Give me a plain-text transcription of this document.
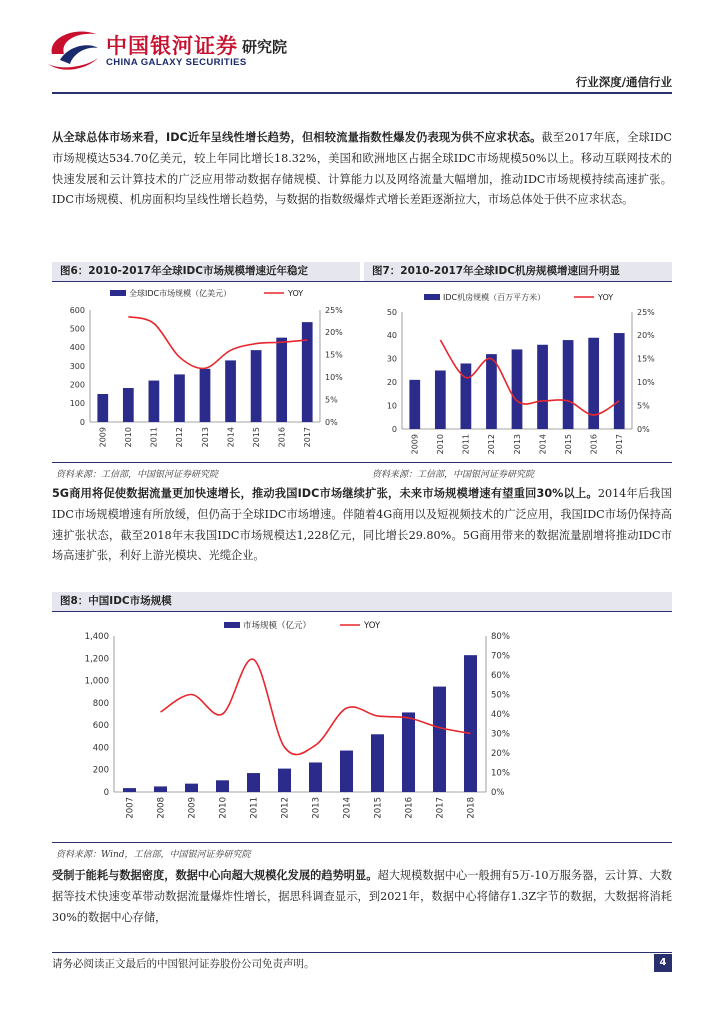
中国银河证券 研究院
CHINA GALAXY SECURITIES
行业深度/通信行业
从全球总体市场来看，IDC近年呈线性增长趋势，但相较流量指数性爆发仍表现为供不应求状态。截至2017年底，全球IDC市场规模达534.70亿美元，较上年同比增长18.32%，美国和欧洲地区占据全球IDC市场规模50%以上。移动互联网技术的快速发展和云计算技术的广泛应用带动数据存储规模、计算能力以及网络流量大幅增加，推动IDC市场规模持续高速扩张。IDC市场规模、机房面积均呈线性增长趋势，与数据的指数级爆炸式增长差距逐渐拉大，市场总体处于供不应求状态。
图6：2010-2017年全球IDC市场规模增速近年稳定	图7：2010-2017年全球IDC机房规模增速回升明显
0
100
200
300
400
500
600
0%
5%
10%
15%
20%
25%
2009 2010 2011 2012 2013 2014 2015 2016 2017
全球IDC市场规模（亿美元）	YOY
0
10
20
30
40
50
0%
5%
10%
15%
20%
25%
2009 2010 2011 2012 2013 2014 2015 2016 2017
IDC机房规模（百万平方米）	YOY
资料来源：工信部，中国银河证券研究院	资料来源：工信部，中国银河证券研究院
5G商用将促使数据流量更加快速增长，推动我国IDC市场继续扩张，未来市场规模增速有望重回30%以上。2014年后我国IDC市场规模增速有所放缓，但仍高于全球IDC市场增速。伴随着4G商用以及短视频技术的广泛应用，我国IDC市场仍保持高速扩张状态，截至2018年末我国IDC市场规模达1,228亿元，同比增长29.80%。5G商用带来的数据流量剧增将推动IDC市场高速扩张，利好上游光模块、光缆企业。
图8：中国IDC市场规模
0
200
400
600
800
1,000
1,200
1,400
0%
10%
20%
30%
40%
50%
60%
70%
80%
2007 2008 2009 2010 2011 2012 2013 2014 2015 2016 2017 2018
市场规模（亿元）	YOY
资料来源：Wind，工信部，中国银河证券研究院
受制于能耗与数据密度，数据中心向超大规模化发展的趋势明显。超大规模数据中心一般拥有5万-10万服务器，云计算、大数据等技术快速变革带动数据流量爆炸性增长，据思科调查显示，到2021年，数据中心将储存1.3Z字节的数据，大数据将消耗30%的数据中心存储，
请务必阅读正文最后的中国银河证券股份公司免责声明。	4
